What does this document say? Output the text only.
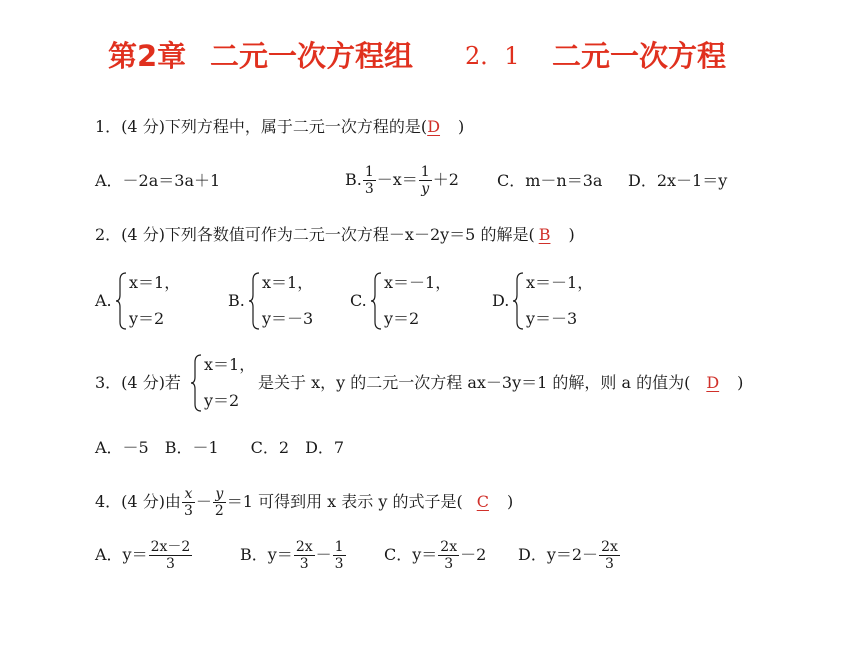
第2章 二元一次方程组 2．1 二元一次方程
1．(4 分)下列方程中，属于二元一次方程的是(D )
A．－2a＝3a＋1	B. $\frac{1}{3} -x= \frac{1}{y} +2$ C．m－n＝3a D．2x－1＝y
2．(4 分)下列各数值可作为二元一次方程－x－2y＝5 的解是( B )
A.
x＝1，
y＝2
B.
x＝1，
y＝－3
C.
x＝－1，
y＝2
D.
x＝－1，
y＝－3
3．(4 分)若
x＝1，
y＝2
是关于 x，y 的二元一次方程 ax－3y＝1 的解，则 a 的值为( D )
A．－5　B．－1　　C．2　D．7
4．(4 分)由 $\frac{x}{3} - \frac{y}{2} =1$ 可得到用 x 表示 y 的式子是( C )
A．$y= \frac{2x-2}{3}$	B．$y= \frac{2x}{3} - \frac{1}{3}$ C．$y= \frac{2x}{3} -2$ D．$y=2- \frac{2x}{3}$
